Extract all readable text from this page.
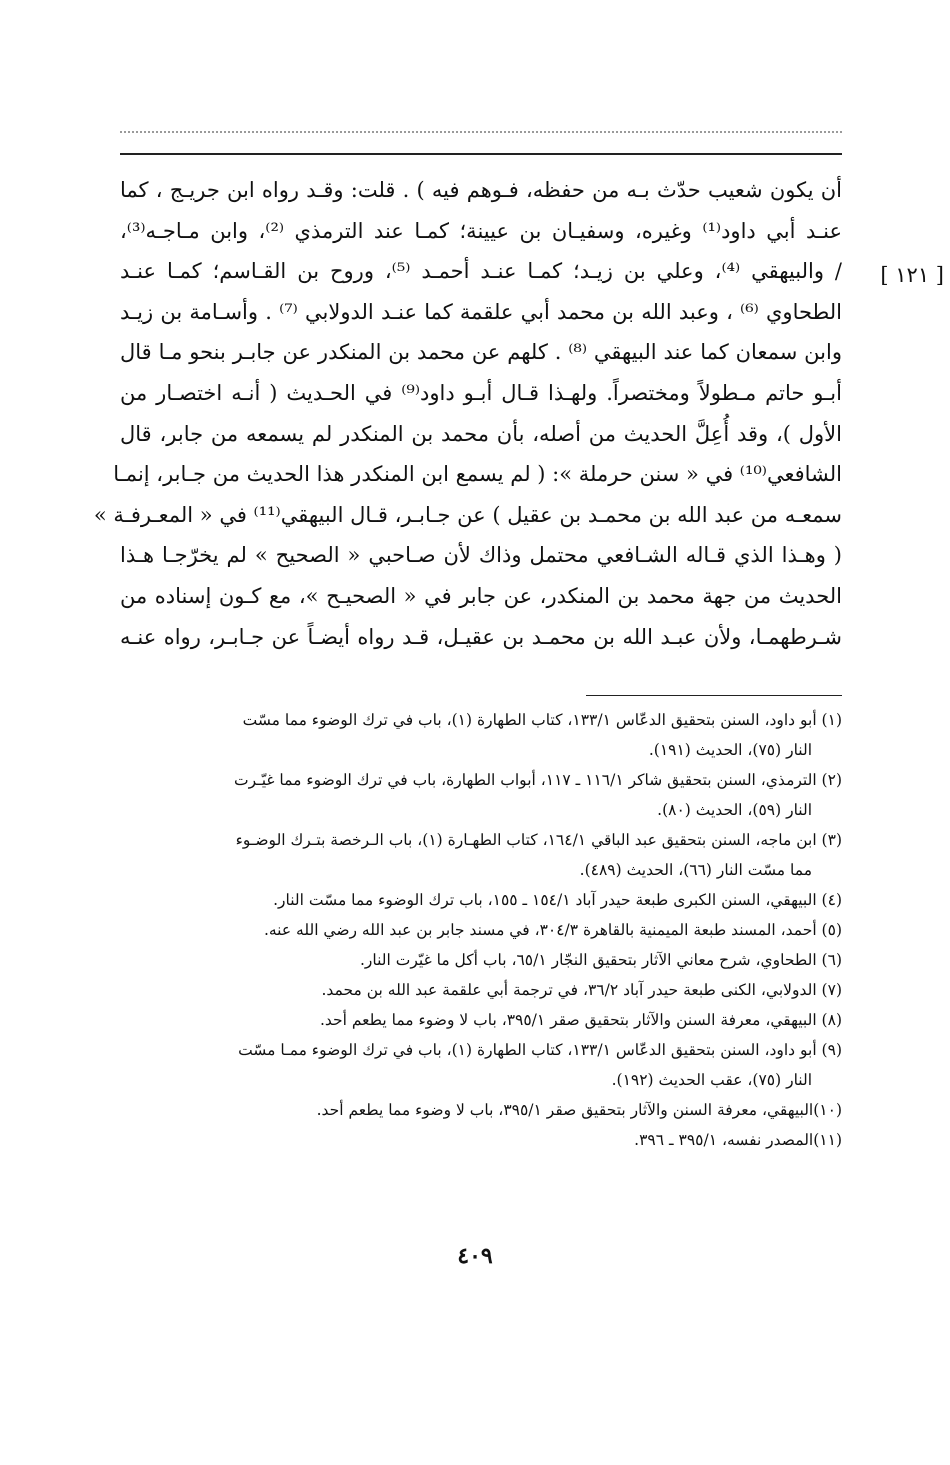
[ ١٢١ ]
أن يكون شعيب حدّث بـه من حفظه، فـوهم فيه ) . قلت: وقـد رواه ابن جريـج ، كما
عنـد أبي داود⁽¹⁾ وغيره، وسفيـان بن عيينة؛ كمـا عند الترمذي ⁽²⁾، وابن مـاجـه⁽³⁾،
/ والبيهقي ⁽⁴⁾، وعلي بن زيـد؛ كمـا عنـد أحمـد ⁽⁵⁾، وروح بن القـاسم؛ كمـا عنـد
الطحاوي ⁽⁶⁾ ، وعبد الله بن محمد أبي علقمة كما عنـد الدولابي ⁽⁷⁾ . وأسـامة بن زيـد
وابن سمعان كما عند البيهقي ⁽⁸⁾ . كلهم عن محمد بن المنكدر عن جابـر بنحو مـا قال
أبـو حاتم مـطولاً ومختصراً. ولهـذا قـال أبـو داود⁽⁹⁾ في الحـديث ( أنـه اختصـار من
الأول )، وقد أُعِلَّ الحديث من أصله، بأن محمد بن المنكدر لم يسمعه من جابر، قال
الشافعي⁽¹⁰⁾ في « سنن حرملة »: ( لم يسمع ابن المنكدر هذا الحديث من جـابر، إنمـا
سمعـه من عبد الله بن محمـد بن عقيل ) عن جـابـر، قـال البيهقي⁽¹¹⁾ في « المعـرفـة »
( وهـذا الذي قـاله الشـافعي محتمل وذاك لأن صـاحبي « الصحيح » لم يخرّجـا هـذا
الحديث من جهة محمد بن المنكدر، عن جابر في « الصحيـح »، مع كـون إسناده من
شـرطهمـا، ولأن عبـد الله بن محمـد بن عقيـل، قـد رواه أيضـاً عن جـابـر، رواه عنـه
(١) أبو داود، السنن بتحقيق الدعّاس ١٣٣/١، كتاب الطهارة (١)، باب في ترك الوضوء مما مسّت
النار (٧٥)، الحديث (١٩١).
(٢) الترمذي، السنن بتحقيق شاكر ١١٦/١ ـ ١١٧، أبواب الطهارة، باب في ترك الوضوء مما غيّـرت
النار (٥٩)، الحديث (٨٠).
(٣) ابن ماجه، السنن بتحقيق عبد الباقي ١٦٤/١، كتاب الطهـارة (١)، باب الـرخصة بتـرك الوضـوء
مما مسّت النار (٦٦)، الحديث (٤٨٩).
(٤) البيهقي، السنن الكبرى طبعة حيدر آباد ١٥٤/١ ـ ١٥٥، باب ترك الوضوء مما مسّت النار.
(٥) أحمد، المسند طبعة الميمنية بالقاهرة ٣٠٤/٣، في مسند جابر بن عبد الله رضي الله عنه.
(٦) الطحاوي، شرح معاني الآثار بتحقيق النجّار ٦٥/١، باب أكل ما غيّرت النار.
(٧) الدولابي، الكنى طبعة حيدر آباد ٣٦/٢، في ترجمة أبي علقمة عبد الله بن محمد.
(٨) البيهقي، معرفة السنن والآثار بتحقيق صقر ٣٩٥/١، باب لا وضوء مما يطعم أحد.
(٩) أبو داود، السنن بتحقيق الدعّاس ١٣٣/١، كتاب الطهارة (١)، باب في ترك الوضوء ممـا مسّت
النار (٧٥)، عقب الحديث (١٩٢).
(١٠)البيهقي، معرفة السنن والآثار بتحقيق صقر ٣٩٥/١، باب لا وضوء مما يطعم أحد.
(١١)المصدر نفسه، ٣٩٥/١ ـ ٣٩٦.
٤٠٩
